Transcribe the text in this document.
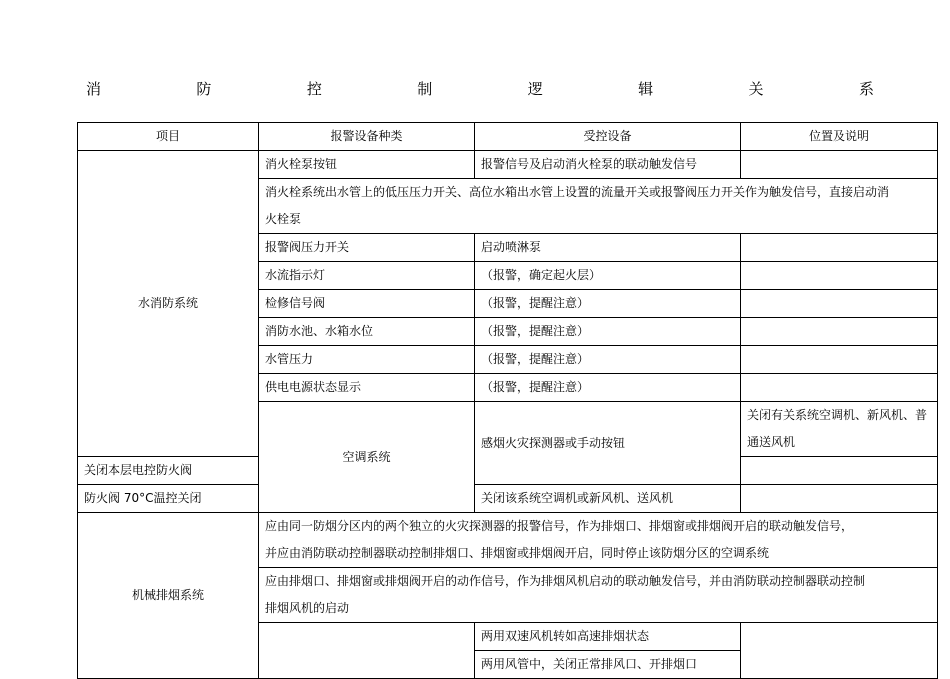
消	防	控	制	逻	辑	关	系
项目	报警设备种类	受控设备	位置及说明	
水消防系统	消火栓泵按钮	报警信号及启动消火栓泵的联动触发信号		
	消火栓系统出水管上的低压压力开关、高位水箱出水管上设置的流量开关或报警阀压力开关作为触发信号，直接启动消火栓泵			
	报警阀压力开关	启动喷淋泵		
	水流指示灯	（报警，确定起火层）		
	检修信号阀	（报警，提醒注意）		
	消防水池、水箱水位	（报警，提醒注意）		
	水管压力	（报警，提醒注意）		
	供电电源状态显示	（报警，提醒注意）		
	空调系统	感烟火灾探测器或手动按钮	关闭有关系统空调机、新风机、普通送风机	
关闭本层电控防火阀				
防火阀 70°C温控关闭		关闭该系统空调机或新风机、送风机		
机械排烟系统	应由同一防烟分区内的两个独立的火灾探测器的报警信号，作为排烟口、排烟窗或排烟阀开启的联动触发信号，
并应由消防联动控制器联动控制排烟口、排烟窗或排烟阀开启，同时停止该防烟分区的空调系统			

	应由排烟口、排烟窗或排烟阀开启的动作信号，作为排烟风机启动的联动触发信号，并由消防联动控制器联动控制
排烟风机的启动			

		两用双速风机转如高速排烟状态		
		两用风管中，关闭正常排风口、开排烟口		
